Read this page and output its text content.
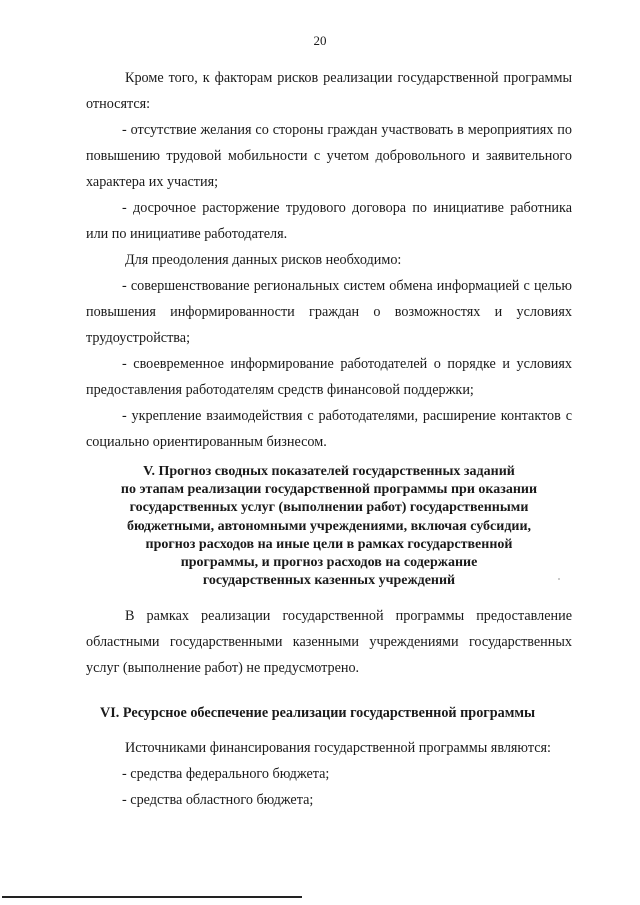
20

Кроме того, к факторам рисков реализации государственной программы относятся:

- отсутствие желания со стороны граждан участвовать в мероприятиях по повышению трудовой мобильности с учетом добровольного и заявительного характера их участия;

- досрочное расторжение трудового договора по инициативе работника или по инициативе работодателя.

Для преодоления данных рисков необходимо:

- совершенствование региональных систем обмена информацией с целью повышения информированности граждан о возможностях и условиях трудоустройства;

- своевременное информирование работодателей о порядке и условиях предоставления работодателям средств финансовой поддержки;

- укрепление взаимодействия с работодателями, расширение контактов с социально ориентированным бизнесом.

V. Прогноз сводных показателей государственных заданий
по этапам реализации государственной программы при оказании
государственных услуг (выполнении работ) государственными
бюджетными, автономными учреждениями, включая субсидии,
прогноз расходов на иные цели в рамках государственной
программы, и прогноз расходов на содержание
государственных казенных учреждений

В рамках реализации государственной программы предоставление областными государственными казенными учреждениями государственных услуг (выполнение работ) не предусмотрено.

VI. Ресурсное обеспечение реализации государственной программы

Источниками финансирования государственной программы являются:

- средства федерального бюджета;

- средства областного бюджета;
